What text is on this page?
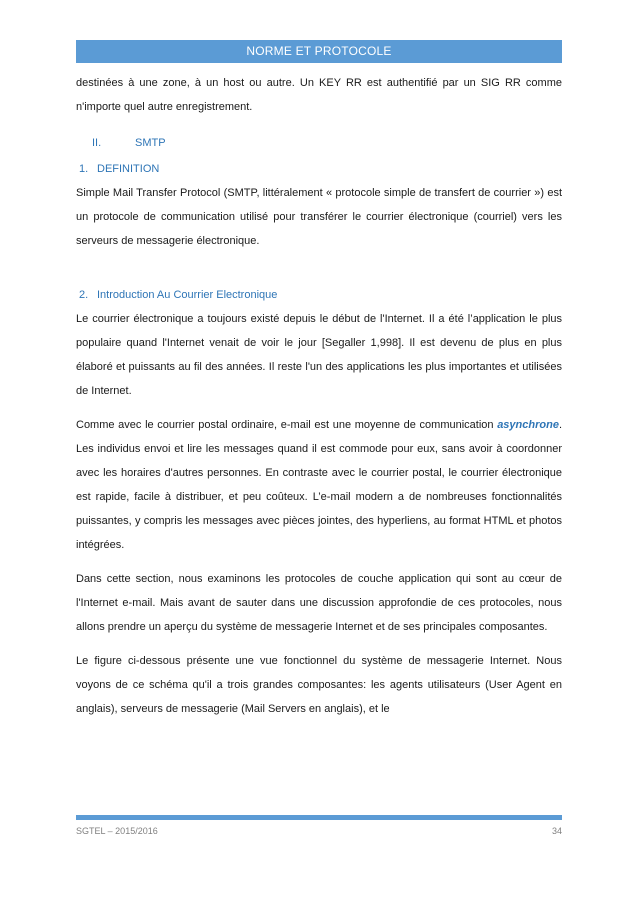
NORME ET PROTOCOLE

destinées à une zone, à un host ou autre. Un KEY RR est authentifié par un SIG RR comme n'importe quel autre enregistrement.

II.	SMTP
1. DEFINITION

Simple Mail Transfer Protocol (SMTP, littéralement « protocole simple de transfert de courrier ») est un protocole de communication utilisé pour transférer le courrier électronique (courriel) vers les serveurs de messagerie électronique.

2. Introduction Au Courrier Electronique

Le courrier électronique a toujours existé depuis le début de l'Internet. Il a été l’application le plus populaire quand l'Internet venait de voir le jour [Segaller 1,998]. Il est devenu de plus en plus élaboré et puissants au fil des années. Il reste l'un des applications les plus importantes et utilisées de Internet.

Comme avec le courrier postal ordinaire, e-mail est une moyenne de communication asynchrone. Les individus envoi et lire les messages quand il est commode pour eux, sans avoir à coordonner avec les horaires d'autres personnes. En contraste avec le courrier postal, le courrier électronique est rapide, facile à distribuer, et peu coûteux. L’e-mail modern a de nombreuses fonctionnalités puissantes, y compris les messages avec pièces jointes, des hyperliens, au format HTML et photos intégrées.

Dans cette section, nous examinons les protocoles de couche application qui sont au cœur de l'Internet e-mail. Mais avant de sauter dans une discussion approfondie de ces protocoles, nous allons prendre un aperçu du système de messagerie Internet et de ses principales composantes.

Le figure ci-dessous présente une vue fonctionnel du système de messagerie Internet. Nous voyons de ce schéma qu'il a trois grandes composantes: les agents utilisateurs (User Agent en anglais), serveurs de messagerie (Mail Servers en anglais), et le

SGTEL – 2015/2016	34
